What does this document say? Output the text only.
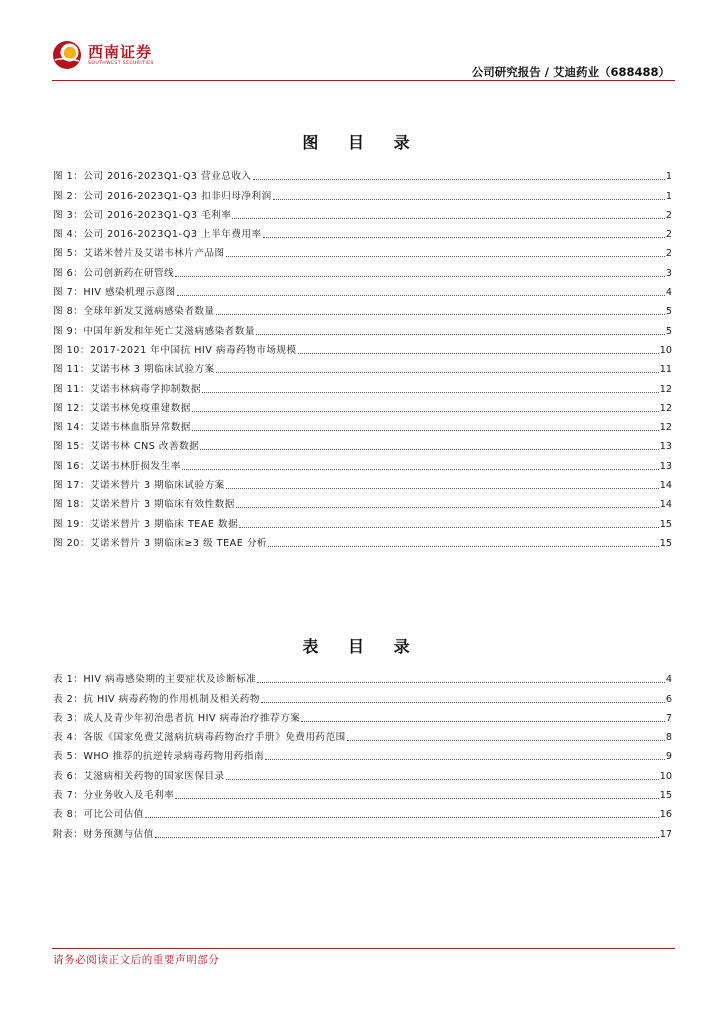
西南证券
SOUTHWEST SECURITIES
公司研究报告 / 艾迪药业（688488）
图 目 录
图 1：公司 2016-2023Q1-Q3 营业总收入	1
图 2：公司 2016-2023Q1-Q3 扣非归母净利润	1
图 3：公司 2016-2023Q1-Q3 毛利率	2
图 4：公司 2016-2023Q1-Q3 上半年费用率	2
图 5：艾诺米替片及艾诺韦林片产品图	2
图 6：公司创新药在研管线	3
图 7：HIV 感染机理示意图	4
图 8：全球年新发艾滋病感染者数量	5
图 9：中国年新发和年死亡艾滋病感染者数量	5
图 10：2017-2021 年中国抗 HIV 病毒药物市场规模	10
图 11：艾诺韦林 3 期临床试验方案	11
图 11：艾诺韦林病毒学抑制数据	12
图 12：艾诺韦林免疫重建数据	12
图 14：艾诺韦林血脂异常数据	12
图 15：艾诺韦林 CNS 改善数据	13
图 16：艾诺韦林肝损发生率	13
图 17：艾诺米替片 3 期临床试验方案	14
图 18：艾诺米替片 3 期临床有效性数据	14
图 19：艾诺米替片 3 期临床 TEAE 数据	15
图 20：艾诺米替片 3 期临床≥3 级 TEAE 分析	15
表 目 录
表 1：HIV 病毒感染期的主要症状及诊断标准	4
表 2：抗 HIV 病毒药物的作用机制及相关药物	6
表 3：成人及青少年初治患者抗 HIV 病毒治疗推荐方案	7
表 4：各版《国家免费艾滋病抗病毒药物治疗手册》免费用药范围	8
表 5：WHO 推荐的抗逆转录病毒药物用药指南	9
表 6：艾滋病相关药物的国家医保目录	10
表 7：分业务收入及毛利率	15
表 8：可比公司估值	16
附表：财务预测与估值	17
请务必阅读正文后的重要声明部分
